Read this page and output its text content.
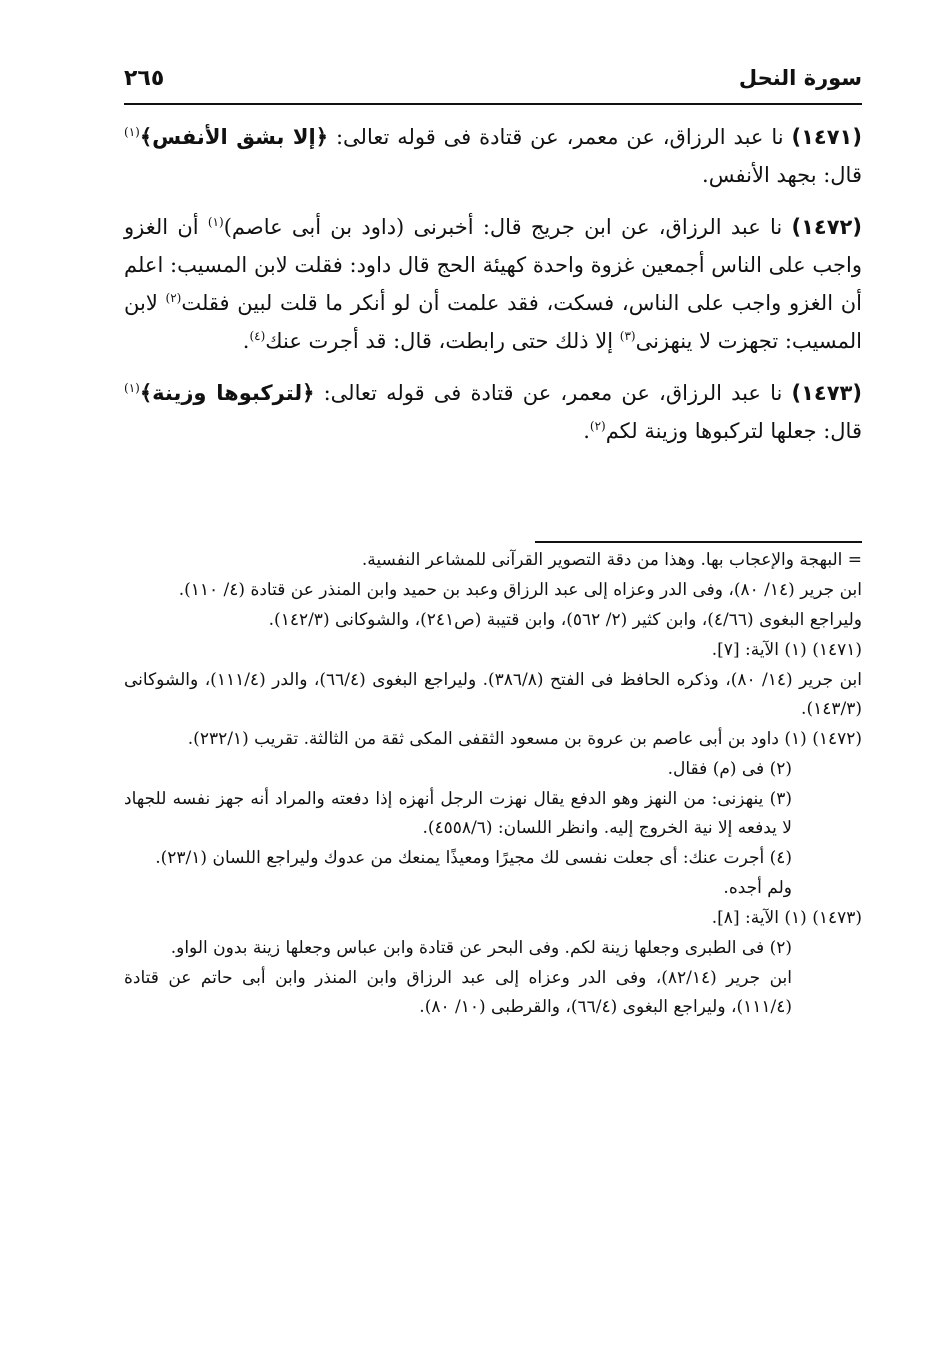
سورة النحل
٢٦٥

(١٤٧١) نا عبد الرزاق، عن معمر، عن قتادة فى قوله تعالى: ﴿إلا بشق الأنفس﴾$^{(١)}$ قال: بجهد الأنفس.

(١٤٧٢) نا عبد الرزاق، عن ابن جريج قال: أخبرنى (داود بن أبى عاصم)$^{(١)}$ أن الغزو واجب على الناس أجمعين غزوة واحدة كهيئة الحج قال داود: فقلت لابن المسيب: اعلم أن الغزو واجب على الناس، فسكت، فقد علمت أن لو أنكر ما قلت لبين فقلت$^{(٢)}$ لابن المسيب: تجهزت لا ينهزنى$^{(٣)}$ إلا ذلك حتى رابطت، قال: قد أجرت عنك$^{(٤)}$.

(١٤٧٣) نا عبد الرزاق، عن معمر، عن قتادة فى قوله تعالى: ﴿لتركبوها وزينة﴾$^{(١)}$ قال: جعلها لتركبوها وزينة لكم$^{(٢)}$.

= البهجة والإعجاب بها. وهذا من دقة التصوير القرآنى للمشاعر النفسية.
ابن جرير (١٤/ ٨٠)، وفى الدر وعزاه إلى عبد الرزاق وعبد بن حميد وابن المنذر عن قتادة (٤/ ١١٠).
وليراجع البغوى (٤/٦٦)، وابن كثير (٢/ ٥٦٢)، وابن قتيبة (ص٢٤١)، والشوكانى (١٤٢/٣).
(١٤٧١) (١) الآية: [٧].
ابن جرير (١٤/ ٨٠)، وذكره الحافظ فى الفتح (٣٨٦/٨). وليراجع البغوى (٦٦/٤)، والدر (١١١/٤)، والشوكانى (١٤٣/٣).
(١٤٧٢) (١) داود بن أبى عاصم بن عروة بن مسعود الثقفى المكى ثقة من الثالثة. تقريب (٢٣٢/١).
(٢) فى (م) فقال.
(٣) ينهزنى: من النهز وهو الدفع يقال نهزت الرجل أنهزه إذا دفعته والمراد أنه جهز نفسه للجهاد لا يدفعه إلا نية الخروج إليه. وانظر اللسان: (٤٥٥٨/٦).
(٤) أجرت عنك: أى جعلت نفسى لك مجيرًا ومعيذًا يمنعك من عدوك وليراجع اللسان (٢٣/١).
ولم أجده.
(١٤٧٣) (١) الآية: [٨].
(٢) فى الطبرى وجعلها زينة لكم. وفى البحر عن قتادة وابن عباس وجعلها زينة بدون الواو.
ابن جرير (٨٢/١٤)، وفى الدر وعزاه إلى عبد الرزاق وابن المنذر وابن أبى حاتم عن قتادة (١١١/٤)، وليراجع البغوى (٦٦/٤)، والقرطبى (١٠/ ٨٠).
